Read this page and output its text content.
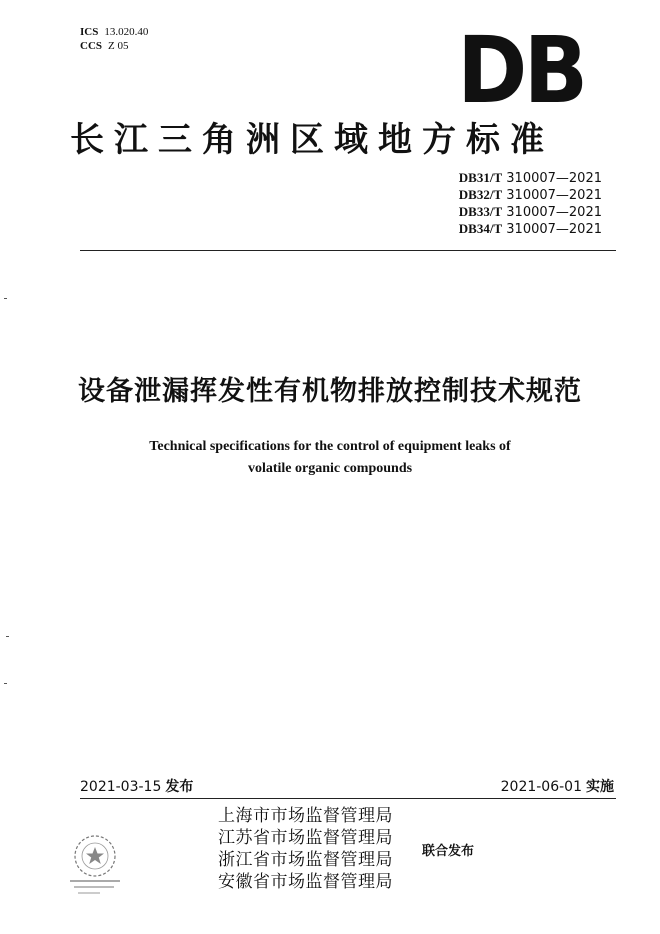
ICS 13.020.40
CCS Z 05	DB
长江三角洲区域地方标准
DB31/T 310007—2021
DB32/T 310007—2021
DB33/T 310007—2021
DB34/T 310007—2021
设备泄漏挥发性有机物排放控制技术规范
Technical specifications for the control of equipment leaks of
volatile organic compounds
2021-03-15 发布	2021-06-01 实施
上海市市场监督管理局
江苏省市场监督管理局
浙江省市场监督管理局
安徽省市场监督管理局
联合发布
